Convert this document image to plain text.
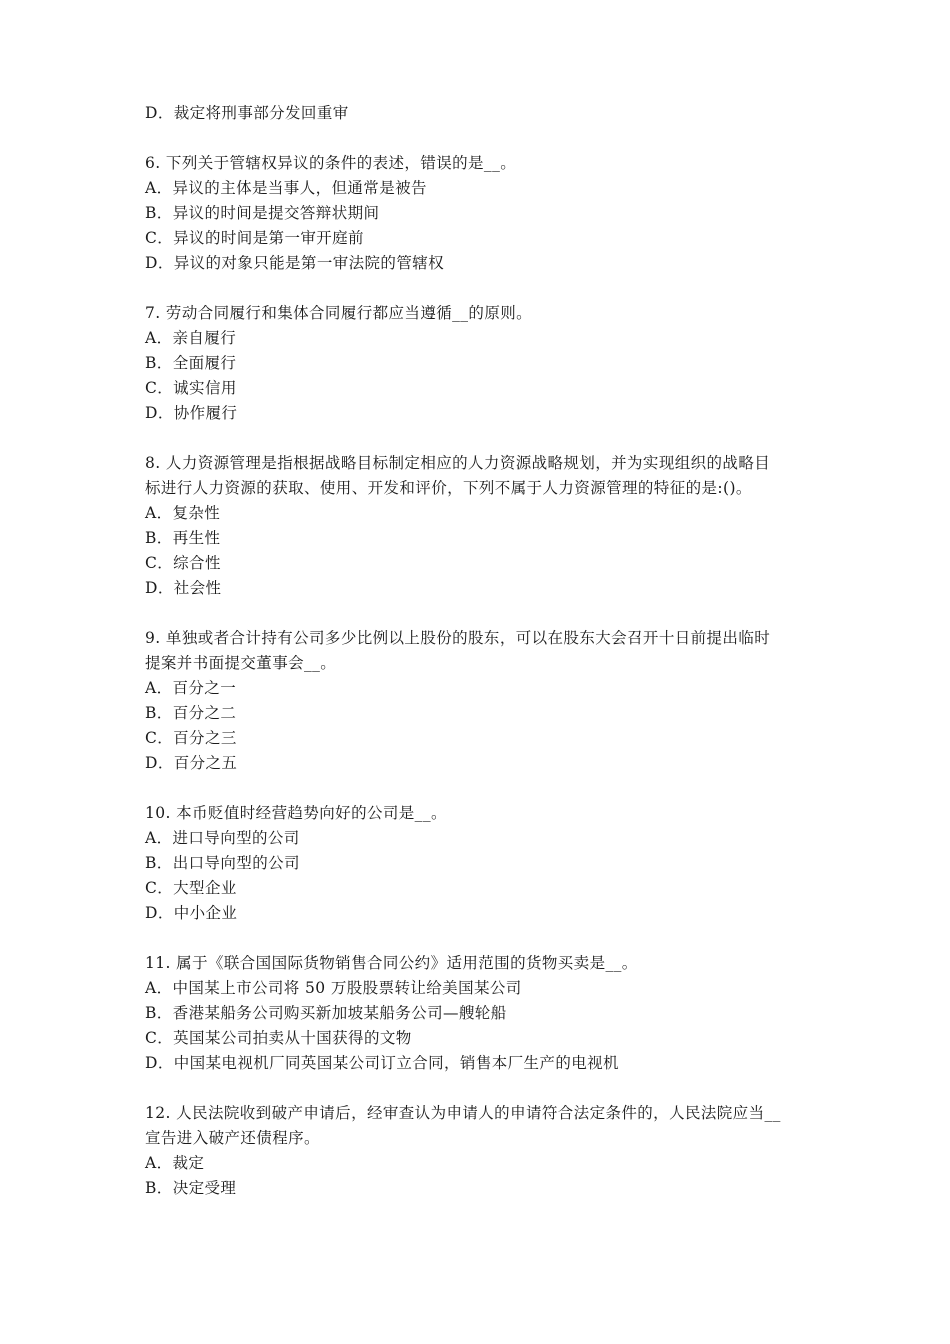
D．裁定将刑事部分发回重审
6. 下列关于管辖权异议的条件的表述，错误的是__。
A．异议的主体是当事人，但通常是被告
B．异议的时间是提交答辩状期间
C．异议的时间是第一审开庭前
D．异议的对象只能是第一审法院的管辖权
7. 劳动合同履行和集体合同履行都应当遵循__的原则。
A．亲自履行
B．全面履行
C．诚实信用
D．协作履行
8. 人力资源管理是指根据战略目标制定相应的人力资源战略规划，并为实现组织的战略目
标进行人力资源的获取、使用、开发和评价，下列不属于人力资源管理的特征的是:()。
A．复杂性
B．再生性
C．综合性
D．社会性
9. 单独或者合计持有公司多少比例以上股份的股东，可以在股东大会召开十日前提出临时
提案并书面提交董事会__。
A．百分之一
B．百分之二
C．百分之三
D．百分之五
10. 本币贬值时经营趋势向好的公司是__。
A．进口导向型的公司
B．出口导向型的公司
C．大型企业
D．中小企业
11. 属于《联合国国际货物销售合同公约》适用范围的货物买卖是__。
A．中国某上市公司将 50 万股股票转让给美国某公司
B．香港某船务公司购买新加坡某船务公司—艘轮船
C．英国某公司拍卖从十国获得的文物
D．中国某电视机厂同英国某公司订立合同，销售本厂生产的电视机
12. 人民法院收到破产申请后，经审查认为申请人的申请符合法定条件的，人民法院应当__
宣告进入破产还债程序。
A．裁定
B．决定受理
